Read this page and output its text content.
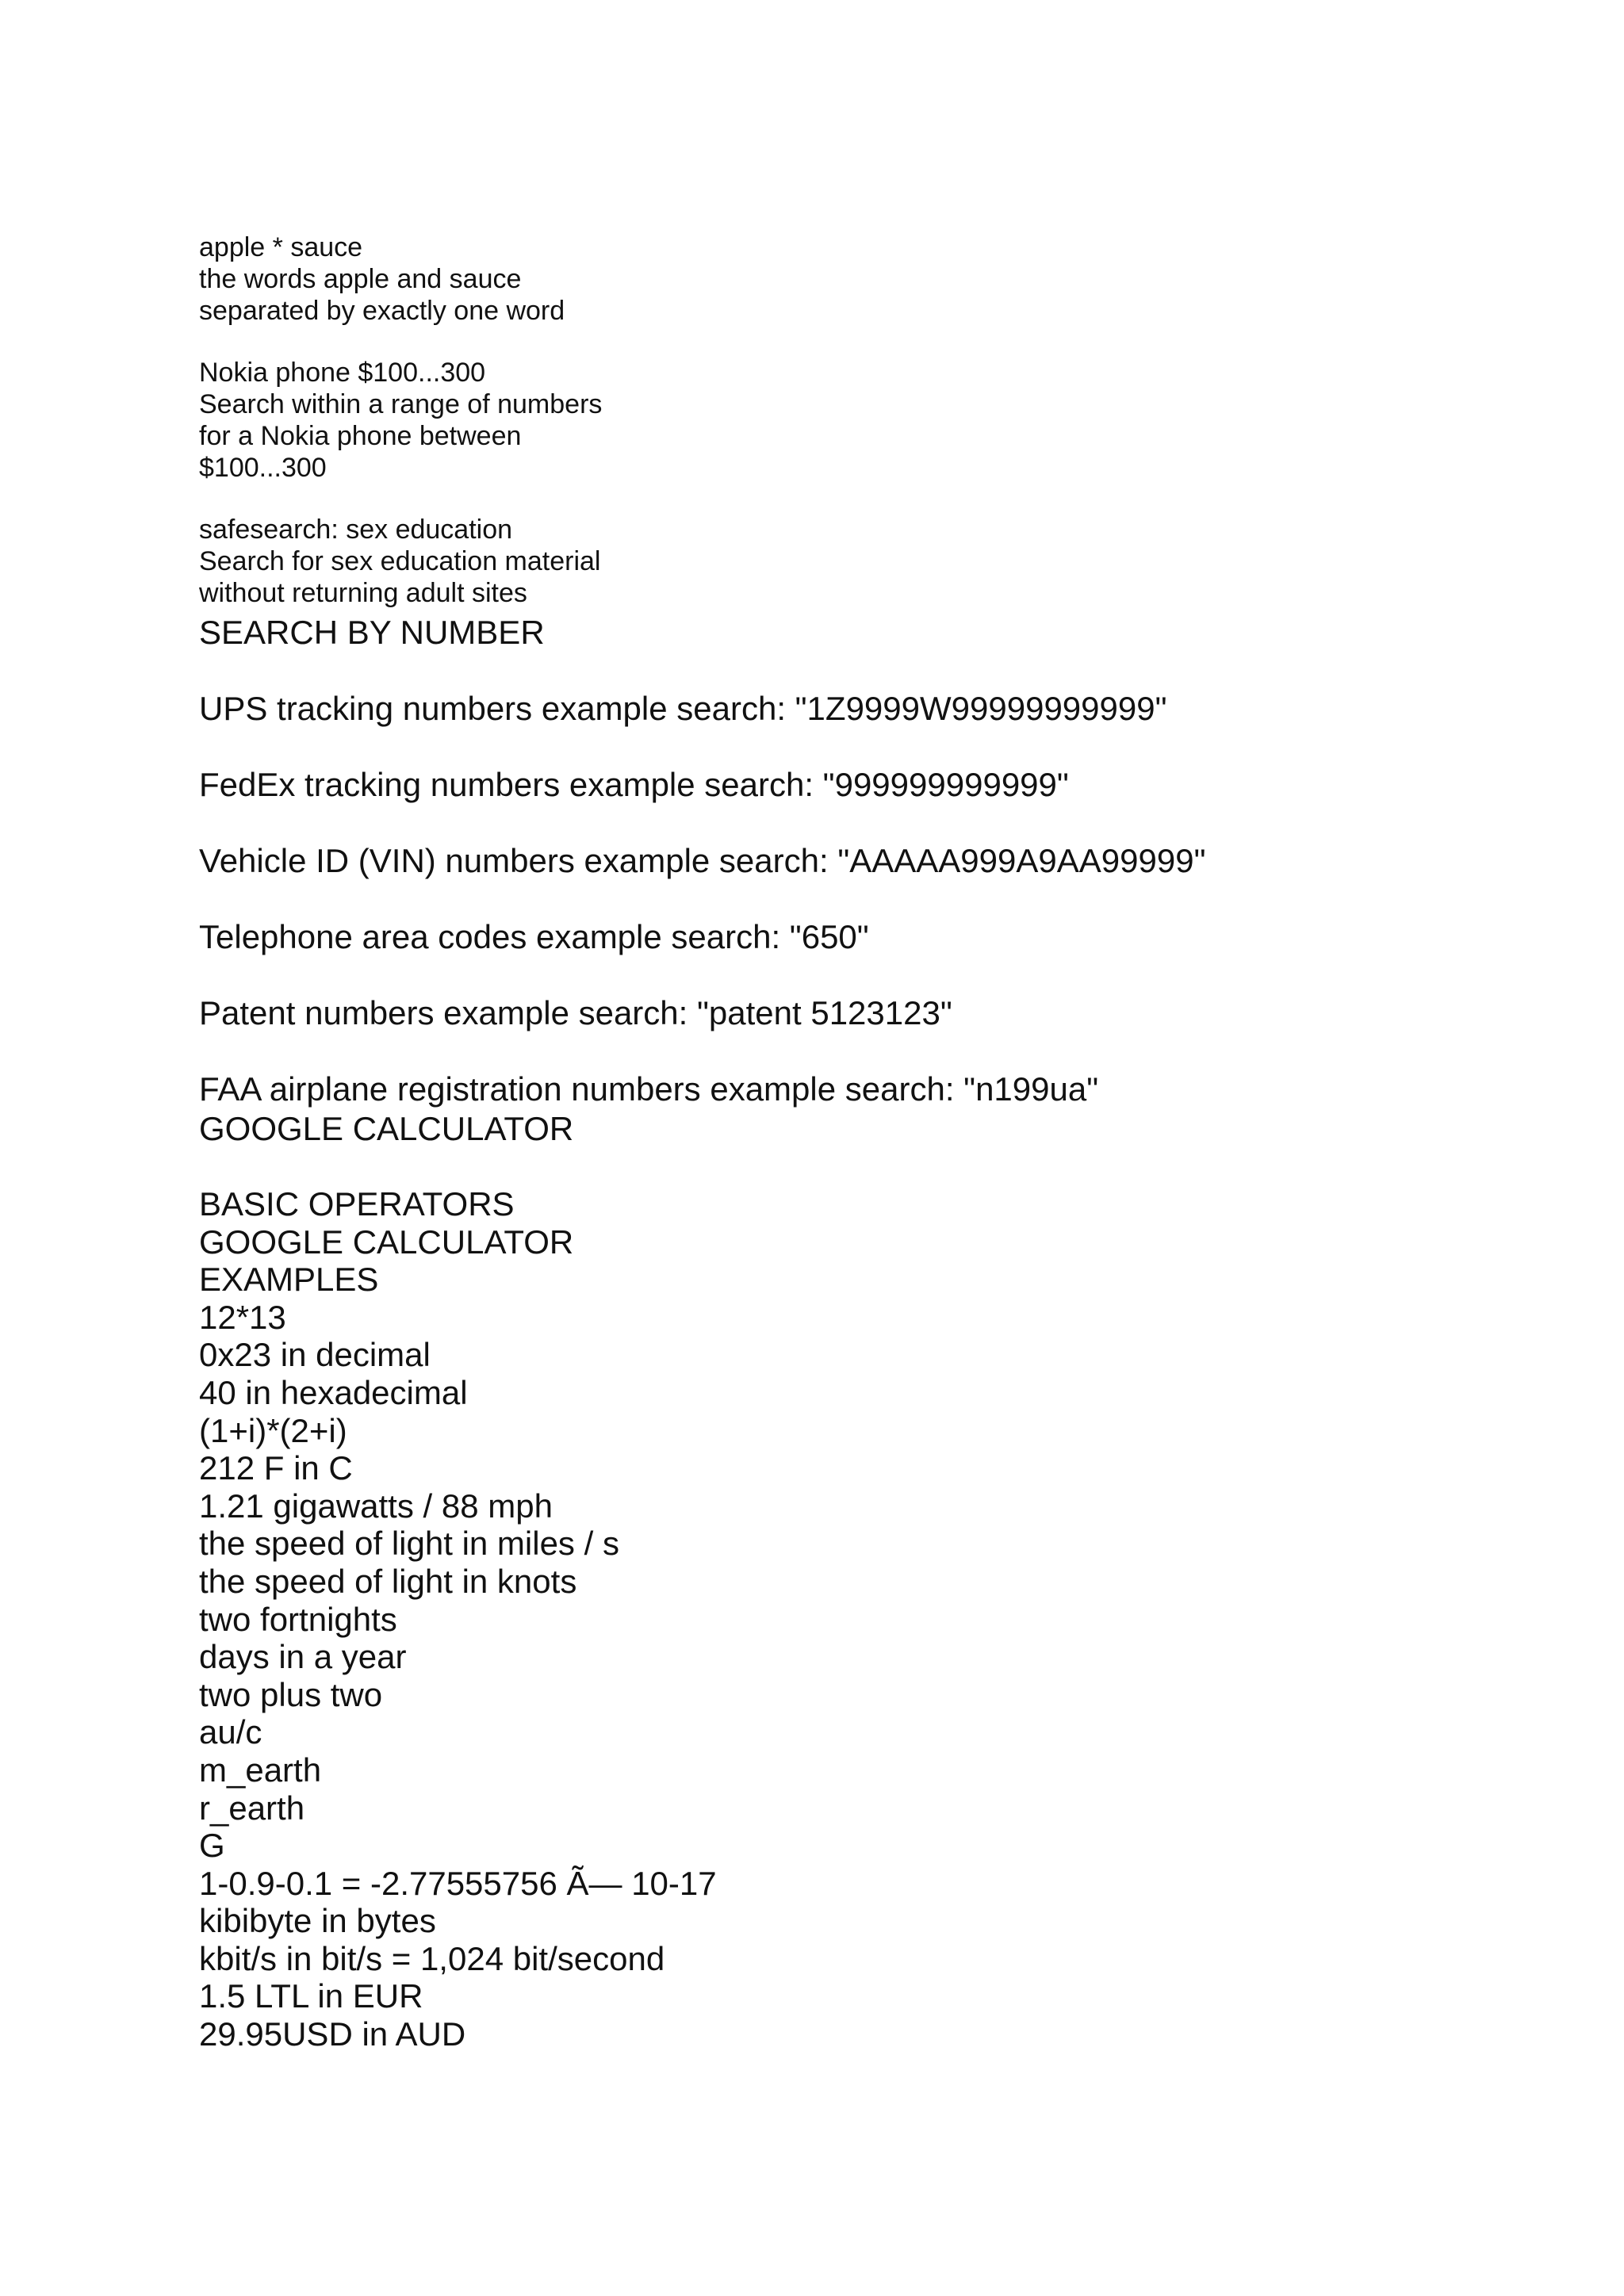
apple * sauce
the words apple and sauce
separated by exactly one word
Nokia phone $100...300
Search within a range of numbers
for a Nokia phone between
$100...300
safesearch: sex education
Search for sex education material
without returning adult sites
SEARCH BY NUMBER
UPS tracking numbers example search: "1Z9999W99999999999"
FedEx tracking numbers example search: "999999999999"
Vehicle ID (VIN) numbers example search: "AAAAA999A9AA99999"
Telephone area codes example search: "650"
Patent numbers example search: "patent 5123123"
FAA airplane registration numbers example search: "n199ua"
GOOGLE CALCULATOR
BASIC OPERATORS
GOOGLE CALCULATOR
EXAMPLES
12*13
0x23 in decimal
40 in hexadecimal
(1+i)*(2+i)
212 F in C
1.21 gigawatts / 88 mph
the speed of light in miles / s
the speed of light in knots
two fortnights
days in a year
two plus two
au/c
m_earth
r_earth
G
1-0.9-0.1 = -2.77555756 Ã— 10-17
kibibyte in bytes
kbit/s in bit/s = 1,024 bit/second
1.5 LTL in EUR
29.95USD in AUD
